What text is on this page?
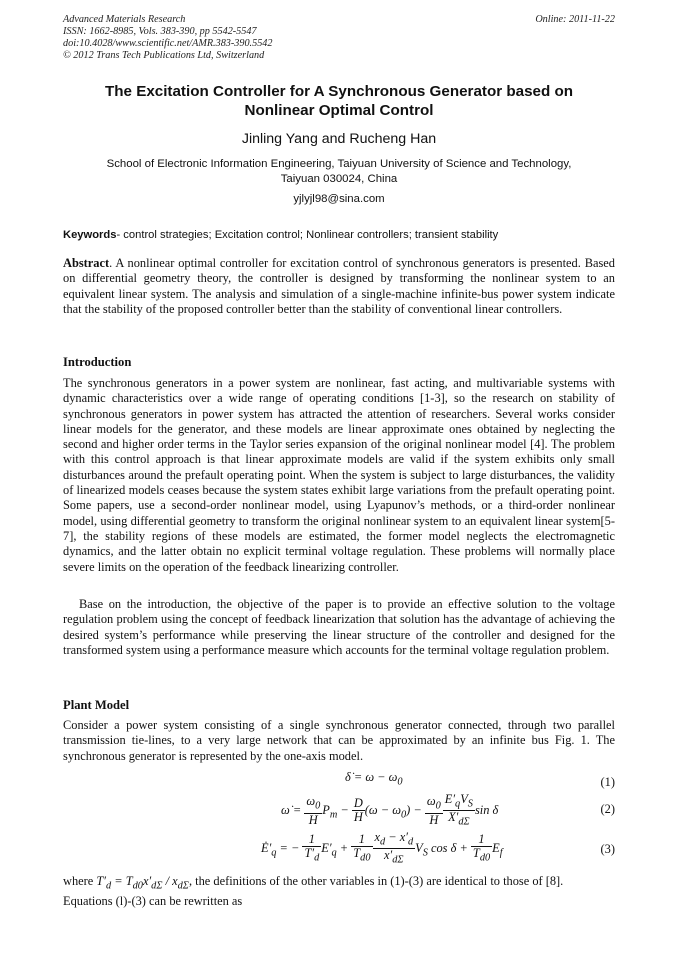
Advanced Materials Research
ISSN: 1662-8985, Vols. 383-390, pp 5542-5547
doi:10.4028/www.scientific.net/AMR.383-390.5542
© 2012 Trans Tech Publications Ltd, Switzerland
Online: 2011-11-22
The Excitation Controller for A Synchronous Generator based on
Nonlinear Optimal Control
Jinling Yang and Rucheng Han
School of Electronic Information Engineering, Taiyuan University of Science and Technology,
Taiyuan 030024, China
yjlyjl98@sina.com
Keywords- control strategies; Excitation control; Nonlinear controllers; transient stability
Abstract. A nonlinear optimal controller for excitation control of synchronous generators is presented. Based on differential geometry theory, the controller is designed by transforming the nonlinear system to an equivalent linear system. The analysis and simulation of a single-machine infinite-bus power system indicate that the stability of the proposed controller better than the stability of conventional linear controllers.
Introduction
The synchronous generators in a power system are nonlinear, fast acting, and multivariable systems with dynamic characteristics over a wide range of operating conditions [1-3], so the research on stability of synchronous generators in power system has attracted the attention of researchers. Several works consider linear models for the generator, and these models are linear approximate ones obtained by neglecting the second and higher order terms in the Taylor series expansion of the original nonlinear model [4]. The problem with this control approach is that linear approximate models are valid if the system exhibits only small disturbances around the prefault operating point. When the system is subject to large disturbances, the validity of linearized models ceases because the system states exhibit large variations from the prefault operating point. Some papers, use a second-order nonlinear model, using Lyapunov’s methods, or a third-order nonlinear model, using differential geometry to transform the original nonlinear system to an equivalent linear system[5-7], the stability regions of these models are estimated, the former model neglects the electromagnetic dynamics, and the latter obtain no explicit terminal voltage regulation. These problems will normally place severe limits on the operation of the feedback linearizing controller.
Base on the introduction, the objective of the paper is to provide an effective solution to the voltage regulation problem using the concept of feedback linearization that solution has the advantage of achieving the desired system’s performance while preserving the linear structure of the controller and designed for the transformed system using a performance measure which accounts for the terminal voltage regulation problem.
Plant Model
Consider a power system consisting of a single synchronous generator connected, through two parallel transmission tie-lines, to a very large network that can be approximated by an infinite bus Fig. 1. The synchronous generator is represented by the one-axis model.
δ̇ = $\omega - \omega_0$	(1)
ω̇ = $\frac{\omega_0}{H} P_m - \frac{D}{H} (\omega - \omega_0) - \frac{\omega_0}{H} \frac{E'_qV_S}{X'_{d\Sigma}}$ sin δ	(2)
$Ė'_q$ = − $\frac{1}{T'_d} E'_q + \frac{1}{T_{d0}} \frac{x_d - x'_d}{x'_{d\Sigma}} V_S$ $\cos \delta + \frac{1}{T_{d0}} E_f$	(3)
where $T'_d = T_{d0}x'_{d\Sigma} / x_{d\Sigma}$, the definitions of the other variables in (1)-(3) are identical to those of [8].
Equations (l)-(3) can be rewritten as
